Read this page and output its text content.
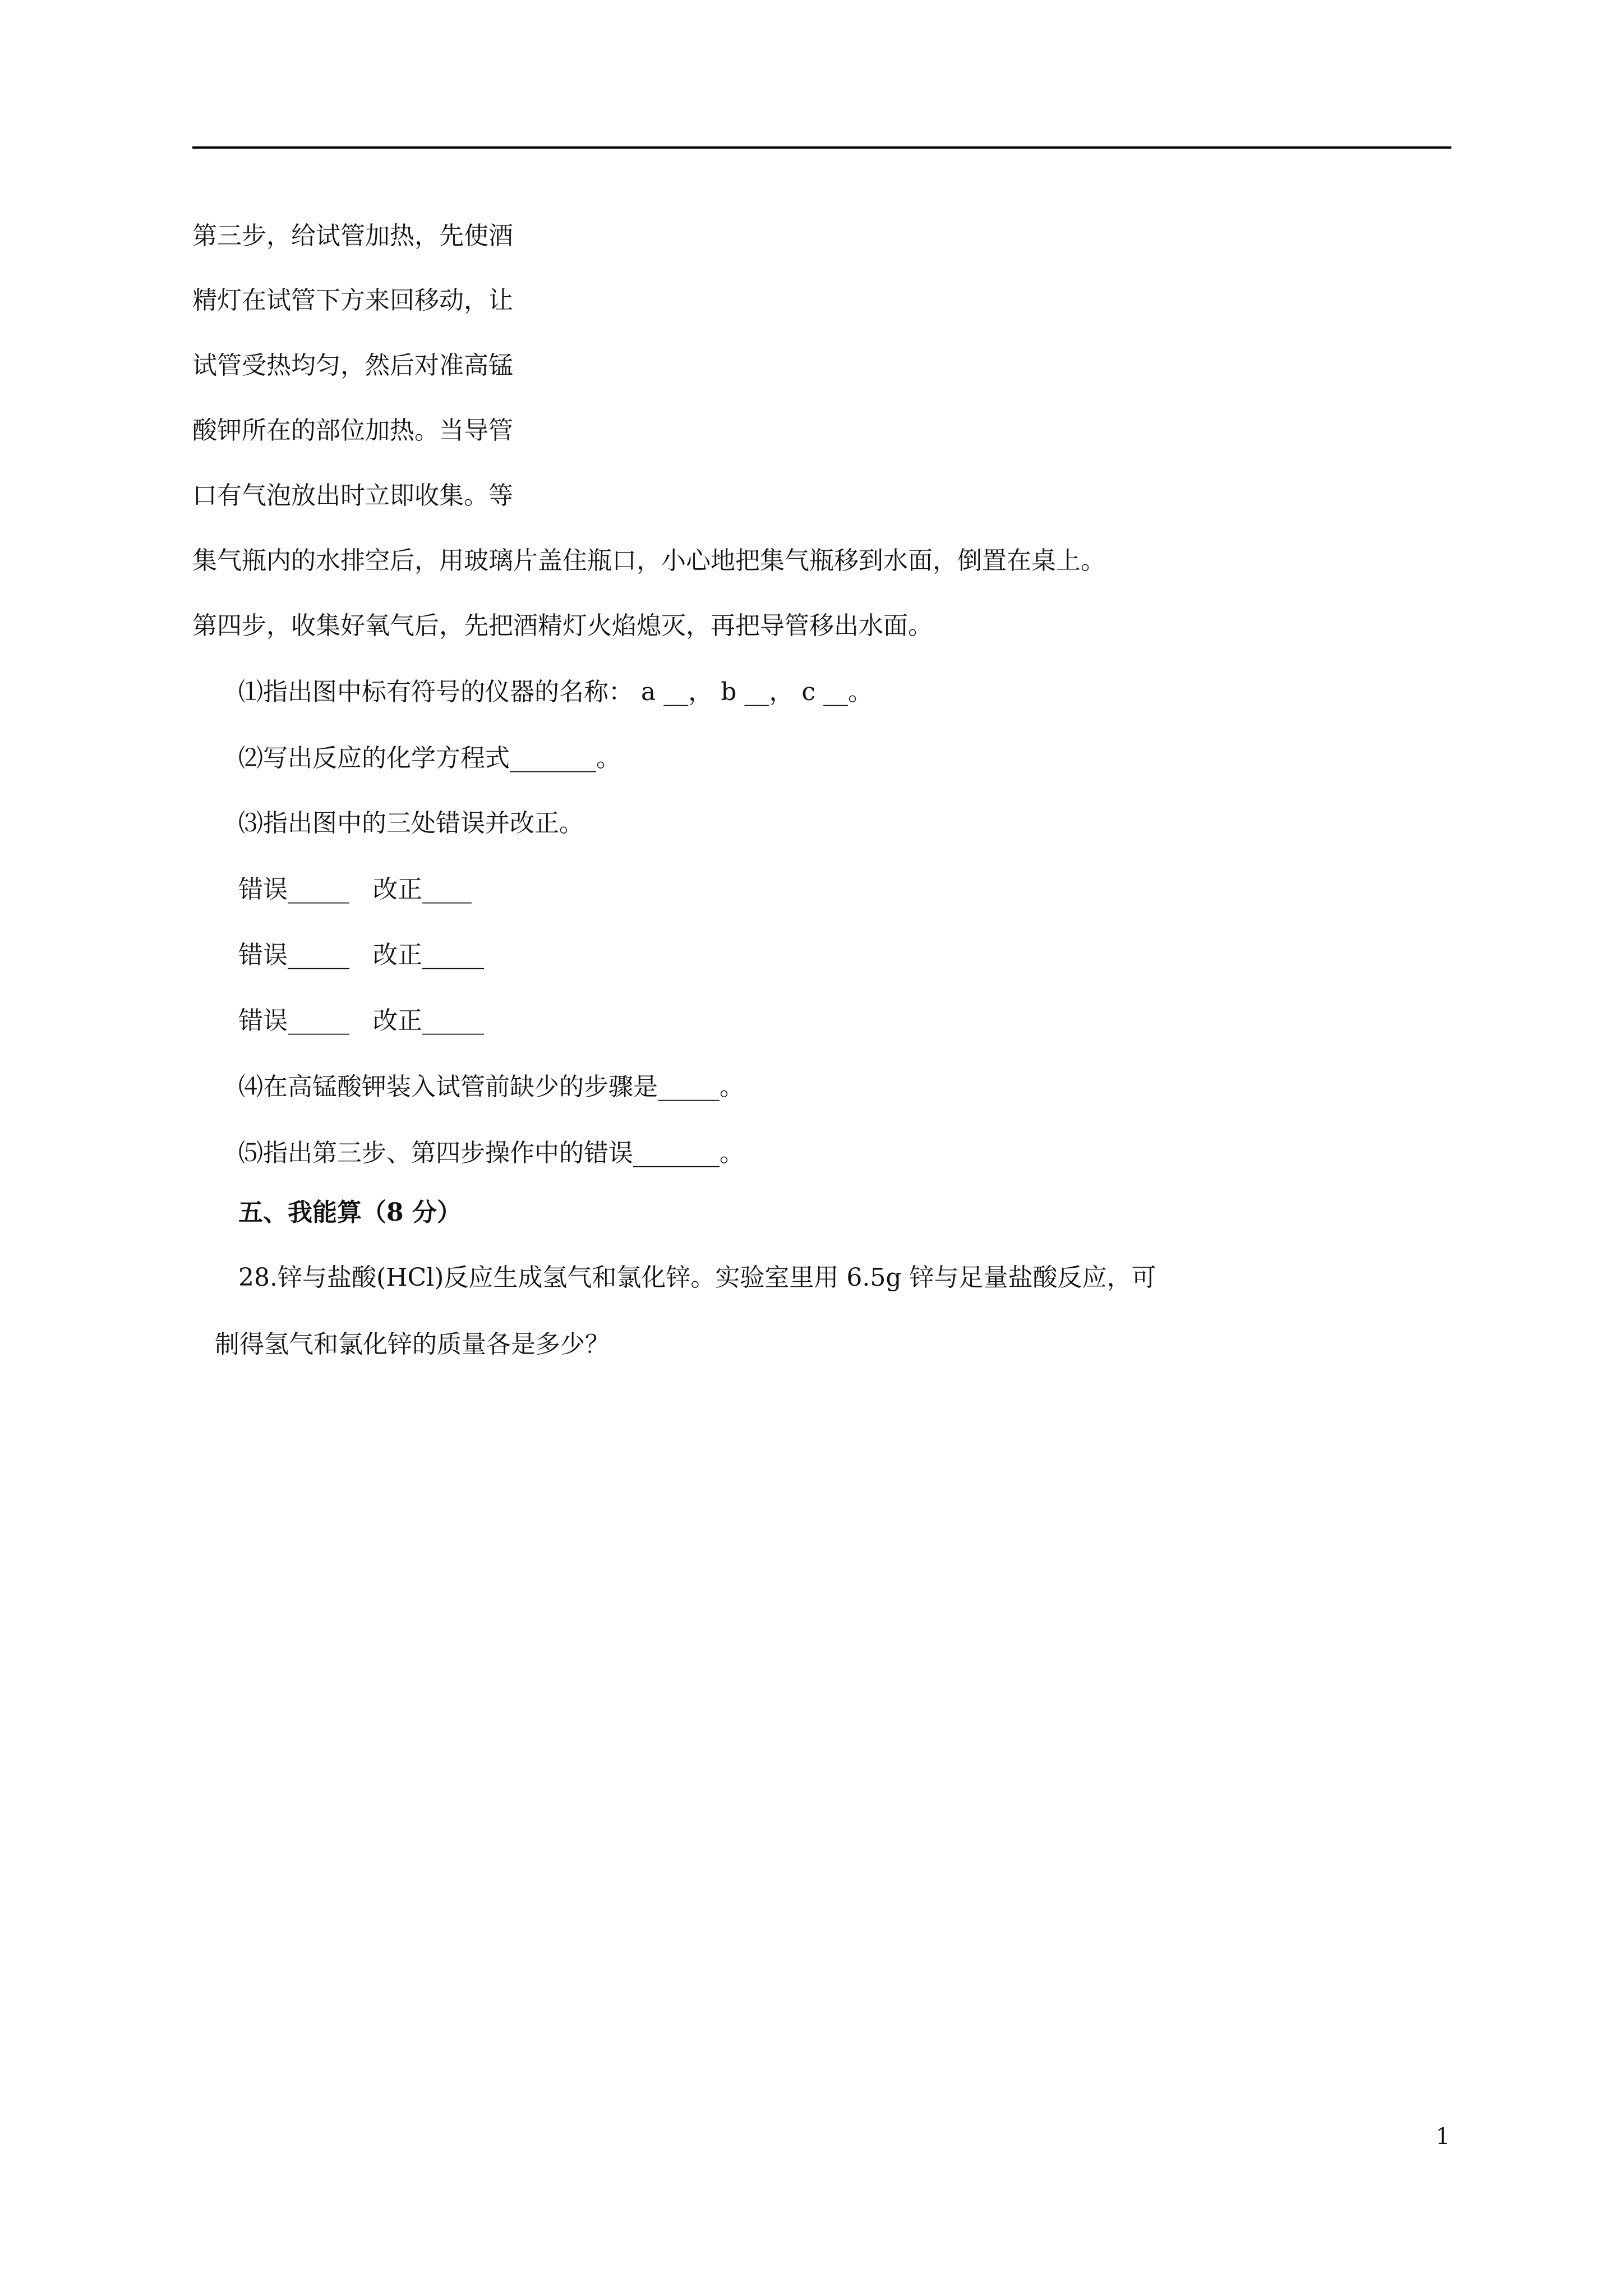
第三步，给试管加热，先使酒
精灯在试管下方来回移动，让
试管受热均匀，然后对准高锰
酸钾所在的部位加热。当导管
口有气泡放出时立即收集。等
集气瓶内的水排空后，用玻璃片盖住瓶口，小心地把集气瓶移到水面，倒置在桌上。
第四步，收集好氧气后，先把酒精灯火焰熄灭，再把导管移出水面。
⑴指出图中标有符号的仪器的名称： a __， b __， c __。
⑵写出反应的化学方程式_______。
⑶指出图中的三处错误并改正。
错误_____   改正____
错误_____   改正_____
错误_____   改正_____
⑷在高锰酸钾装入试管前缺少的步骤是_____。
⑸指出第三步、第四步操作中的错误_______。
五、我能算（8 分）
28.锌与盐酸(HCl)反应生成氢气和氯化锌。实验室里用 6.5g 锌与足量盐酸反应，可
制得氢气和氯化锌的质量各是多少？
1
